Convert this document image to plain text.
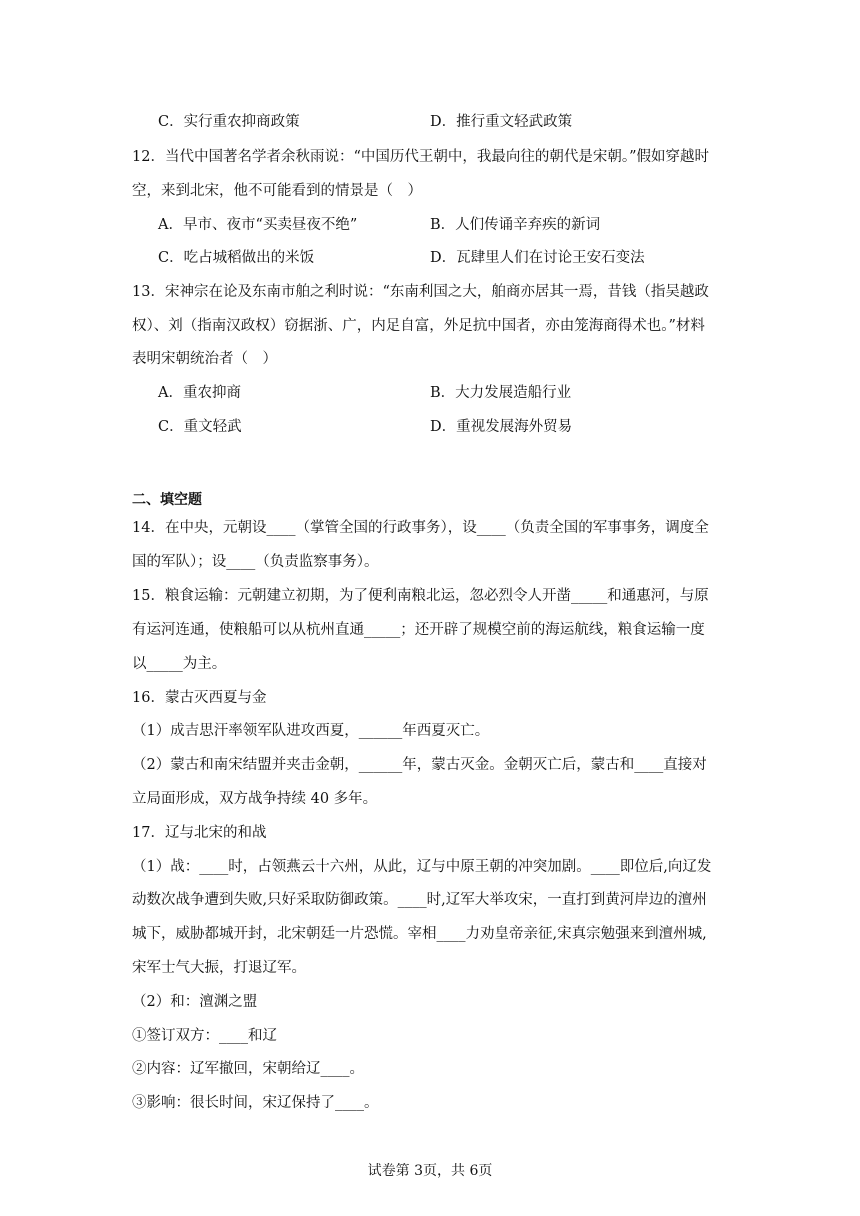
C．实行重农抑商政策	D．推行重文轻武政策
12．当代中国著名学者余秋雨说：“中国历代王朝中，我最向往的朝代是宋朝。”假如穿越时
空，来到北宋，他不可能看到的情景是（　）
A．早市、夜市“买卖昼夜不绝”	B．人们传诵辛弃疾的新词
C．吃占城稻做出的米饭	D．瓦肆里人们在讨论王安石变法
13．宋神宗在论及东南市舶之利时说：“东南利国之大，舶商亦居其一焉，昔钱（指吴越政
权）、刘（指南汉政权）窃据浙、广，内足自富，外足抗中国者，亦由笼海商得术也。”材料
表明宋朝统治者（　）
A．重农抑商	B．大力发展造船行业
C．重文轻武	D．重视发展海外贸易
二、填空题
14．在中央，元朝设____（掌管全国的行政事务），设____（负责全国的军事事务，调度全
国的军队）；设____（负责监察事务）。
15．粮食运输：元朝建立初期，为了便利南粮北运，忽必烈令人开凿_____和通惠河，与原
有运河连通，使粮船可以从杭州直通_____；还开辟了规模空前的海运航线，粮食运输一度
以_____为主。
16．蒙古灭西夏与金
（1）成吉思汗率领军队进攻西夏，______年西夏灭亡。
（2）蒙古和南宋结盟并夹击金朝，______年，蒙古灭金。金朝灭亡后，蒙古和____直接对
立局面形成，双方战争持续 40 多年。
17．辽与北宋的和战
（1）战：____时，占领燕云十六州，从此，辽与中原王朝的冲突加剧。____即位后,向辽发
动数次战争遭到失败,只好采取防御政策。____时,辽军大举攻宋，一直打到黄河岸边的澶州
城下，威胁都城开封，北宋朝廷一片恐慌。宰相____力劝皇帝亲征,宋真宗勉强来到澶州城,
宋军士气大振，打退辽军。
（2）和：澶渊之盟
①签订双方：____和辽
②内容：辽军撤回，宋朝给辽____。
③影响：很长时间，宋辽保持了____。
试卷第 3页，共 6页
